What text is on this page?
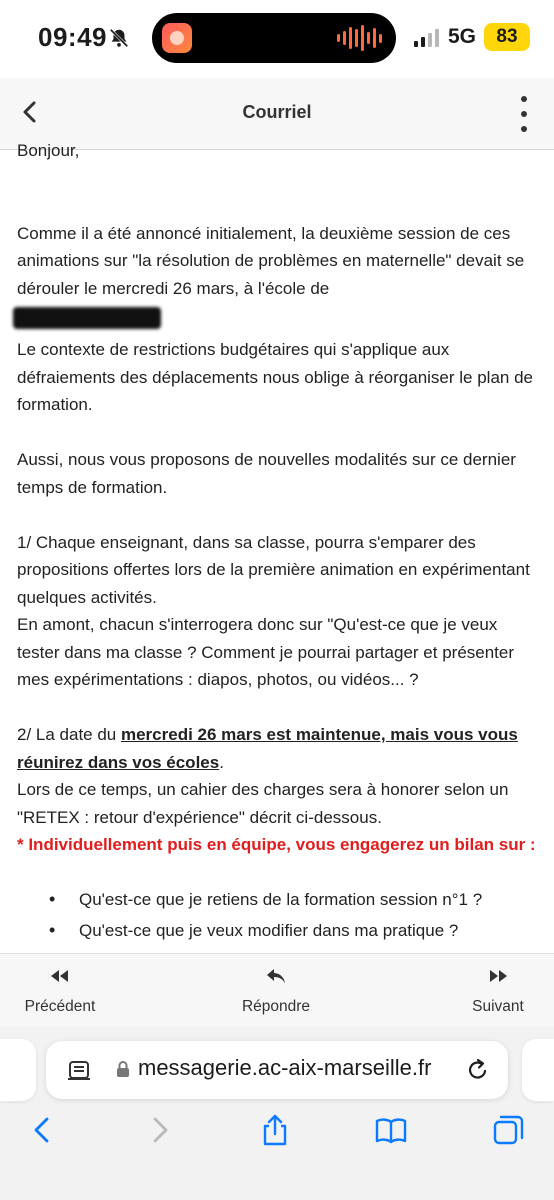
09:49	5G	83
Courriel

Bonjour,

Comme il a été annoncé initialement, la deuxième session de ces animations sur "la résolution de problèmes en maternelle" devait se dérouler le mercredi 26 mars, à l'école de

Le contexte de restrictions budgétaires qui s'applique aux défraiements des déplacements nous oblige à réorganiser le plan de formation.

Aussi, nous vous proposons de nouvelles modalités sur ce dernier temps de formation.

1/ Chaque enseignant, dans sa classe, pourra s'emparer des propositions offertes lors de la première animation en expérimentant quelques activités.

En amont, chacun s'interrogera donc sur "Qu'est-ce que je veux tester dans ma classe ? Comment je pourrai partager et présenter mes expérimentations : diapos, photos, ou vidéos... ?

2/ La date du mercredi 26 mars est maintenue, mais vous vous réunirez dans vos écoles.

Lors de ce temps, un cahier des charges sera à honorer selon un "RETEX : retour d'expérience" décrit ci-dessous.

* Individuellement puis en équipe, vous engagerez un bilan sur :

• Qu'est-ce que je retiens de la formation session n°1 ?
• Qu'est-ce que je veux modifier dans ma pratique ?
•
Précédent	Répondre	Suivant
messagerie.ac-aix-marseille.fr
